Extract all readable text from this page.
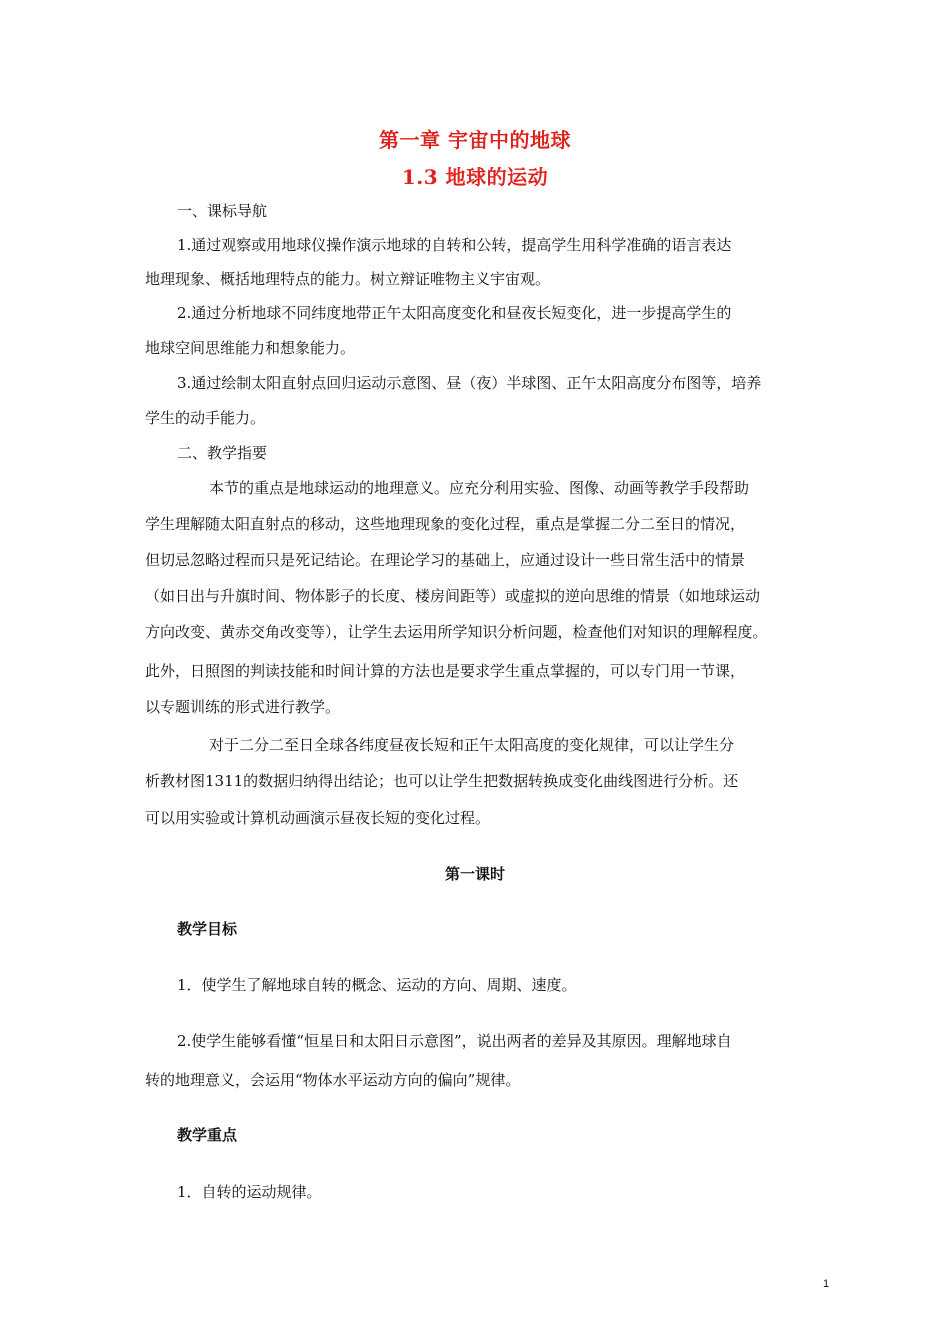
第一章 宇宙中的地球
1.3 地球的运动
一、课标导航
1.通过观察或用地球仪操作演示地球的自转和公转，提高学生用科学准确的语言表达
地理现象、概括地理特点的能力。树立辩证唯物主义宇宙观。
2.通过分析地球不同纬度地带正午太阳高度变化和昼夜长短变化，进一步提高学生的
地球空间思维能力和想象能力。
3.通过绘制太阳直射点回归运动示意图、昼（夜）半球图、正午太阳高度分布图等，培养
学生的动手能力。
二、教学指要
本节的重点是地球运动的地理意义。应充分利用实验、图像、动画等教学手段帮助
学生理解随太阳直射点的移动，这些地理现象的变化过程，重点是掌握二分二至日的情况，
但切忌忽略过程而只是死记结论。在理论学习的基础上，应通过设计一些日常生活中的情景
（如日出与升旗时间、物体影子的长度、楼房间距等）或虚拟的逆向思维的情景（如地球运动
方向改变、黄赤交角改变等），让学生去运用所学知识分析问题，检查他们对知识的理解程度。
此外，日照图的判读技能和时间计算的方法也是要求学生重点掌握的，可以专门用一节课，
以专题训练的形式进行教学。
对于二分二至日全球各纬度昼夜长短和正午太阳高度的变化规律，可以让学生分
析教材图1311的数据归纳得出结论；也可以让学生把数据转换成变化曲线图进行分析。还
可以用实验或计算机动画演示昼夜长短的变化过程。
第一课时
教学目标
1．使学生了解地球自转的概念、运动的方向、周期、速度。
2.使学生能够看懂“恒星日和太阳日示意图”，说出两者的差异及其原因。理解地球自
转的地理意义，会运用“物体水平运动方向的偏向”规律。
教学重点
1．自转的运动规律。
1
